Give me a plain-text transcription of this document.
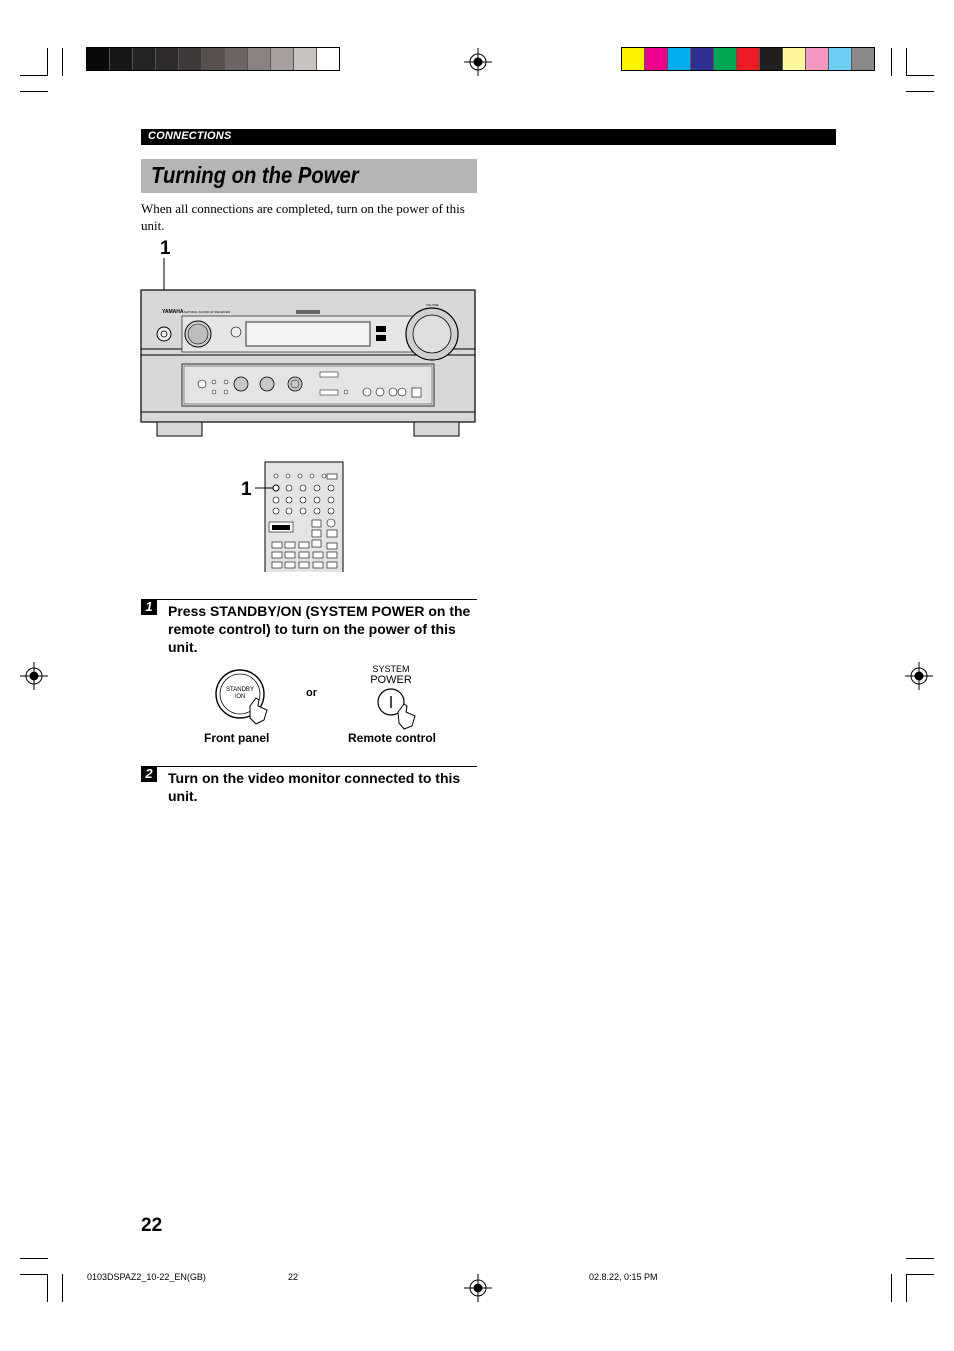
CONNECTIONS
Turning on the Power
When all connections are completed, turn on the power of this unit.
1
1
YAMAHA NATURAL SOUND AV RECEIVER
VOLUME
1	Press STANDBY/ON (SYSTEM POWER on the remote control) to turn on the power of this unit.
STANDBY
/ON	or
SYSTEM
POWER
Front panel	Remote control
2	Turn on the video monitor connected to this unit.
22
0103DSPAZ2_10-22_EN(GB)	22	02.8.22, 0:15 PM
